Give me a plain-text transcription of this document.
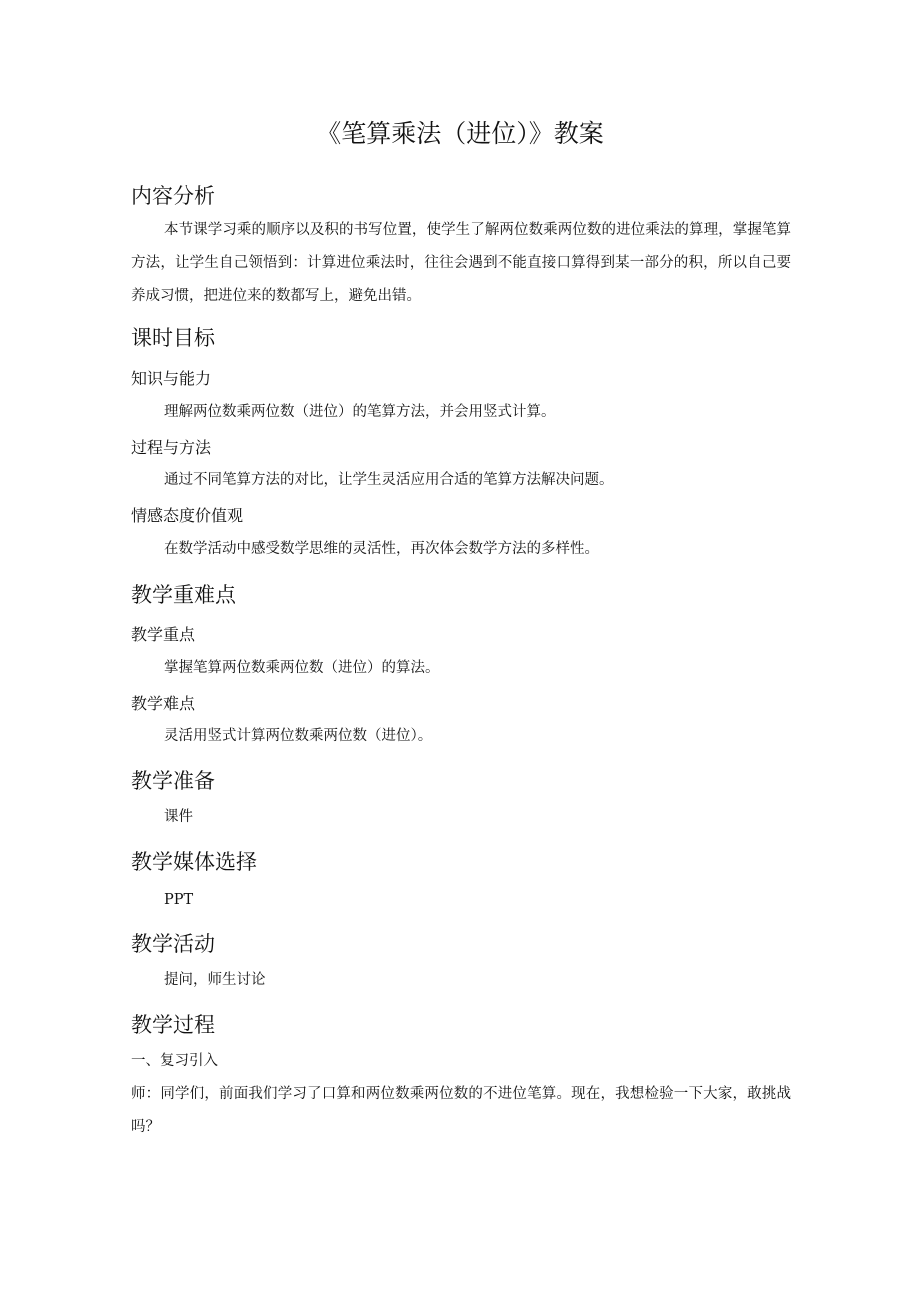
《笔算乘法（进位）》教案
内容分析
本节课学习乘的顺序以及积的书写位置，使学生了解两位数乘两位数的进位乘法的算理，掌握笔算方法，让学生自己领悟到：计算进位乘法时，往往会遇到不能直接口算得到某一部分的积，所以自己要养成习惯，把进位来的数都写上，避免出错。
课时目标
知识与能力
理解两位数乘两位数（进位）的笔算方法，并会用竖式计算。
过程与方法
通过不同笔算方法的对比，让学生灵活应用合适的笔算方法解决问题。
情感态度价值观
在数学活动中感受数学思维的灵活性，再次体会数学方法的多样性。
教学重难点
教学重点
掌握笔算两位数乘两位数（进位）的算法。
教学难点
灵活用竖式计算两位数乘两位数（进位）。
教学准备
课件
教学媒体选择
PPT
教学活动
提问，师生讨论
教学过程
一、复习引入
师：同学们，前面我们学习了口算和两位数乘两位数的不进位笔算。现在，我想检验一下大家，敢挑战吗？
